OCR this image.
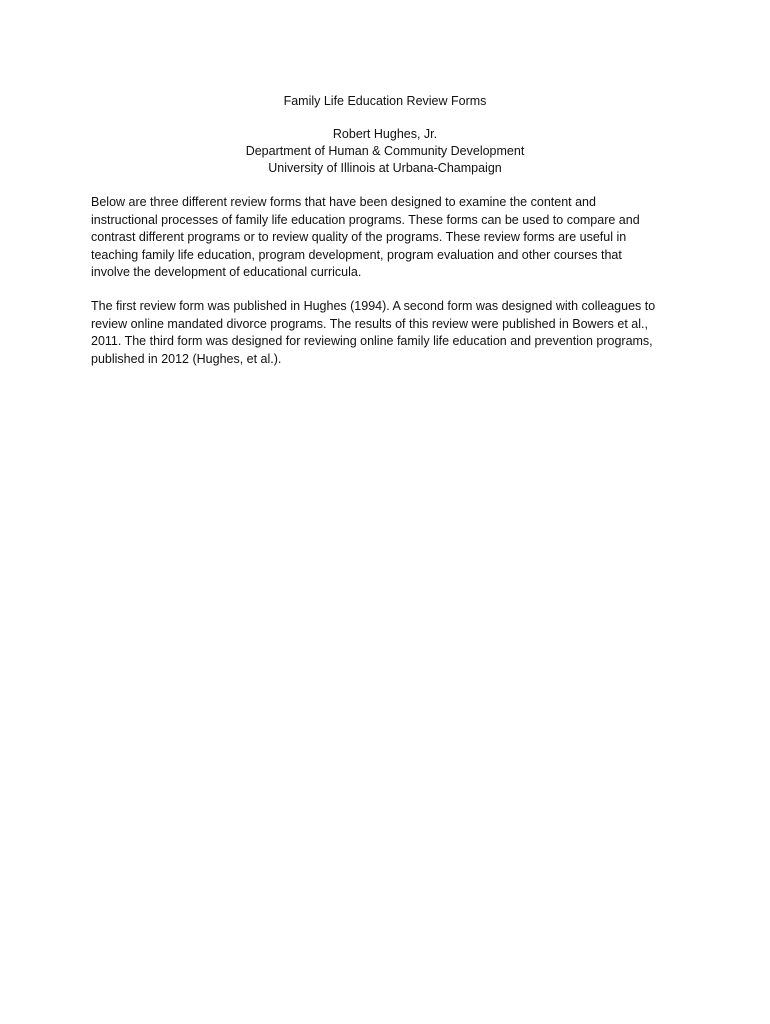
Family Life Education Review Forms
Robert Hughes, Jr.
Department of Human & Community Development
University of Illinois at Urbana-Champaign
Below are three different review forms that have been designed to examine the content and
instructional processes of family life education programs. These forms can be used to compare and
contrast different programs or to review quality of the programs. These review forms are useful in
teaching family life education, program development, program evaluation and other courses that
involve the development of educational curricula.
The first review form was published in Hughes (1994). A second form was designed with colleagues to
review online mandated divorce programs. The results of this review were published in Bowers et al.,
2011. The third form was designed for reviewing online family life education and prevention programs,
published in 2012 (Hughes, et al.).
